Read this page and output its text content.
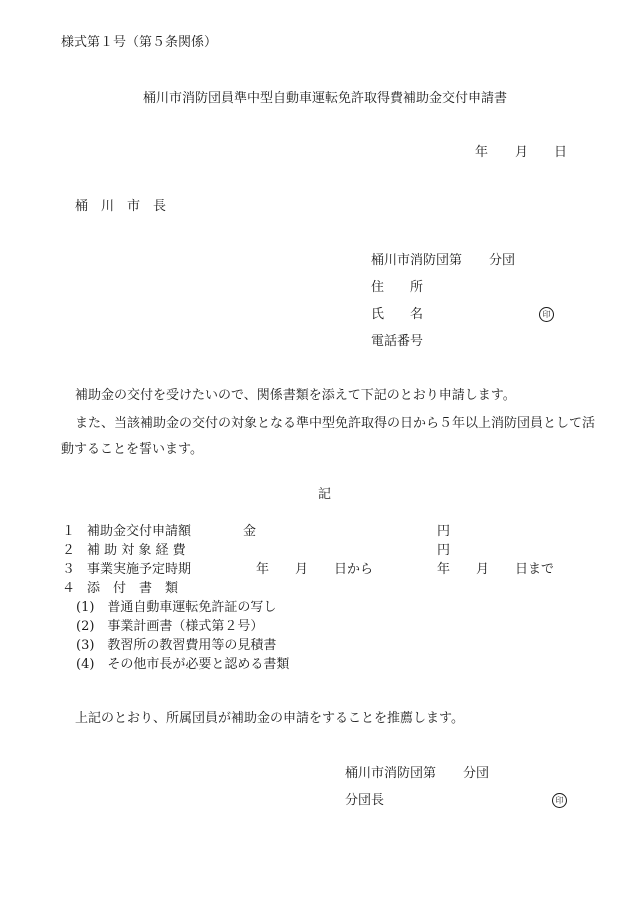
様式第１号（第５条関係）
桶川市消防団員準中型自動車運転免許取得費補助金交付申請書
年 月 日
桶　川　市　長
桶川市消防団第 分団
住　　所
氏　　名	印
電話番号
補助金の交付を受けたいので、関係書類を添えて下記のとおり申請します。
また、当該補助金の交付の対象となる準中型免許取得の日から５年以上消防団員として活
動することを誓います。
記
１ 補助金交付申請額	金	円
２ 補 助 対 象 経 費	円
３ 事業実施予定時期	年 月 日から	年 月 日まで
４ 添　付　書　類
(1)　普通自動車運転免許証の写し
(2)　事業計画書（様式第２号）
(3)　教習所の教習費用等の見積書
(4)　その他市長が必要と認める書類
上記のとおり、所属団員が補助金の申請をすることを推薦します。
桶川市消防団第 分団
分団長	印
